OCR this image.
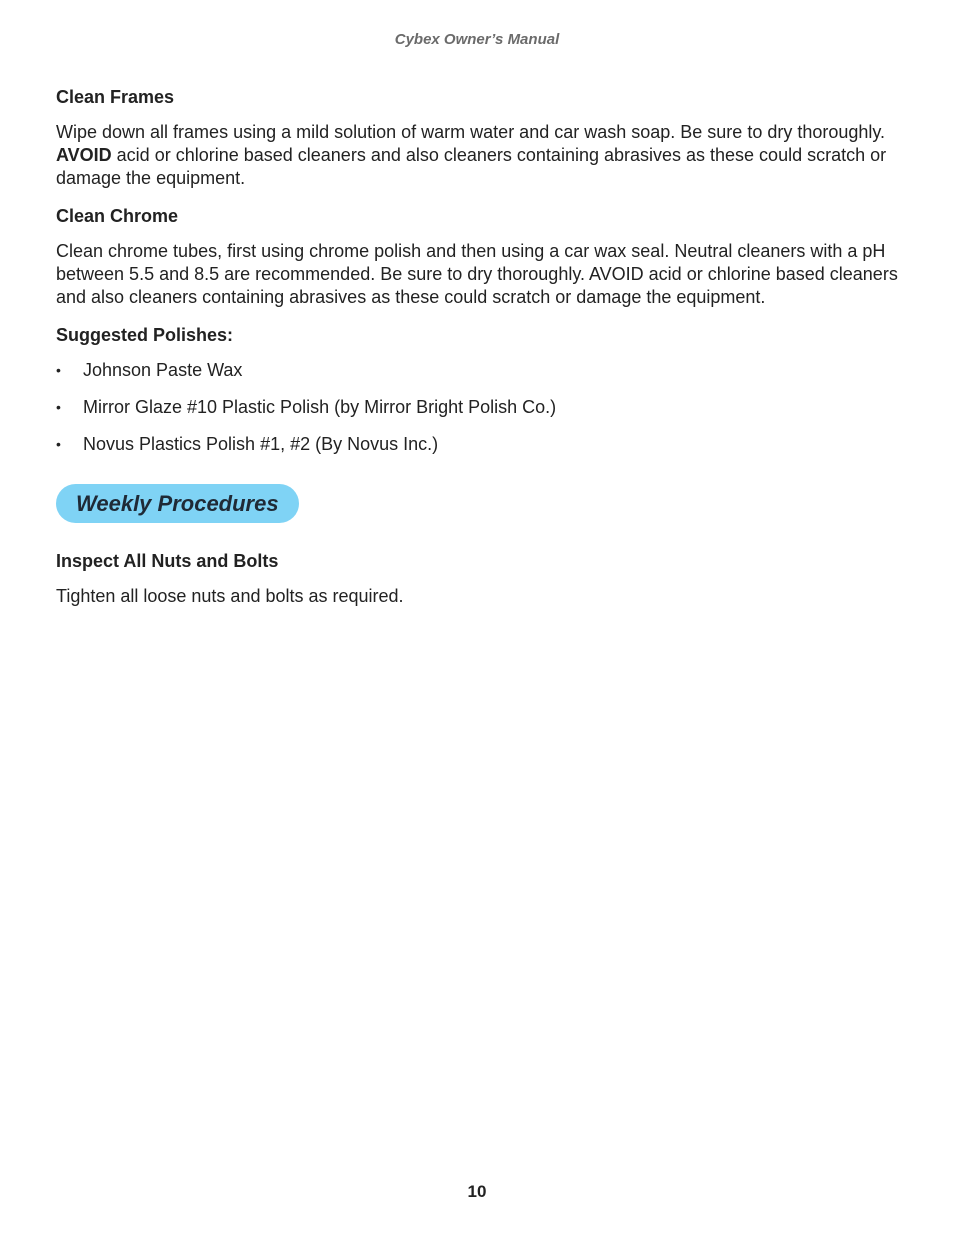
Cybex Owner’s Manual
Clean Frames

Wipe down all frames using a mild solution of warm water and car wash soap. Be sure to dry thoroughly. AVOID acid or chlorine based cleaners and also cleaners containing abrasives as these could scratch or damage the equipment.

Clean Chrome

Clean chrome tubes, first using chrome polish and then using a car wax seal. Neutral cleaners with a pH between 5.5 and 8.5 are recommended. Be sure to dry thoroughly. AVOID acid or chlorine based cleaners and also cleaners containing abrasives as these could scratch or damage the equipment.

Suggested Polishes:
• Johnson Paste Wax
• Mirror Glaze #10 Plastic Polish (by Mirror Bright Polish Co.)
• Novus Plastics Polish #1, #2 (By Novus Inc.)
Weekly Procedures
Inspect All Nuts and Bolts

Tighten all loose nuts and bolts as required.

10
